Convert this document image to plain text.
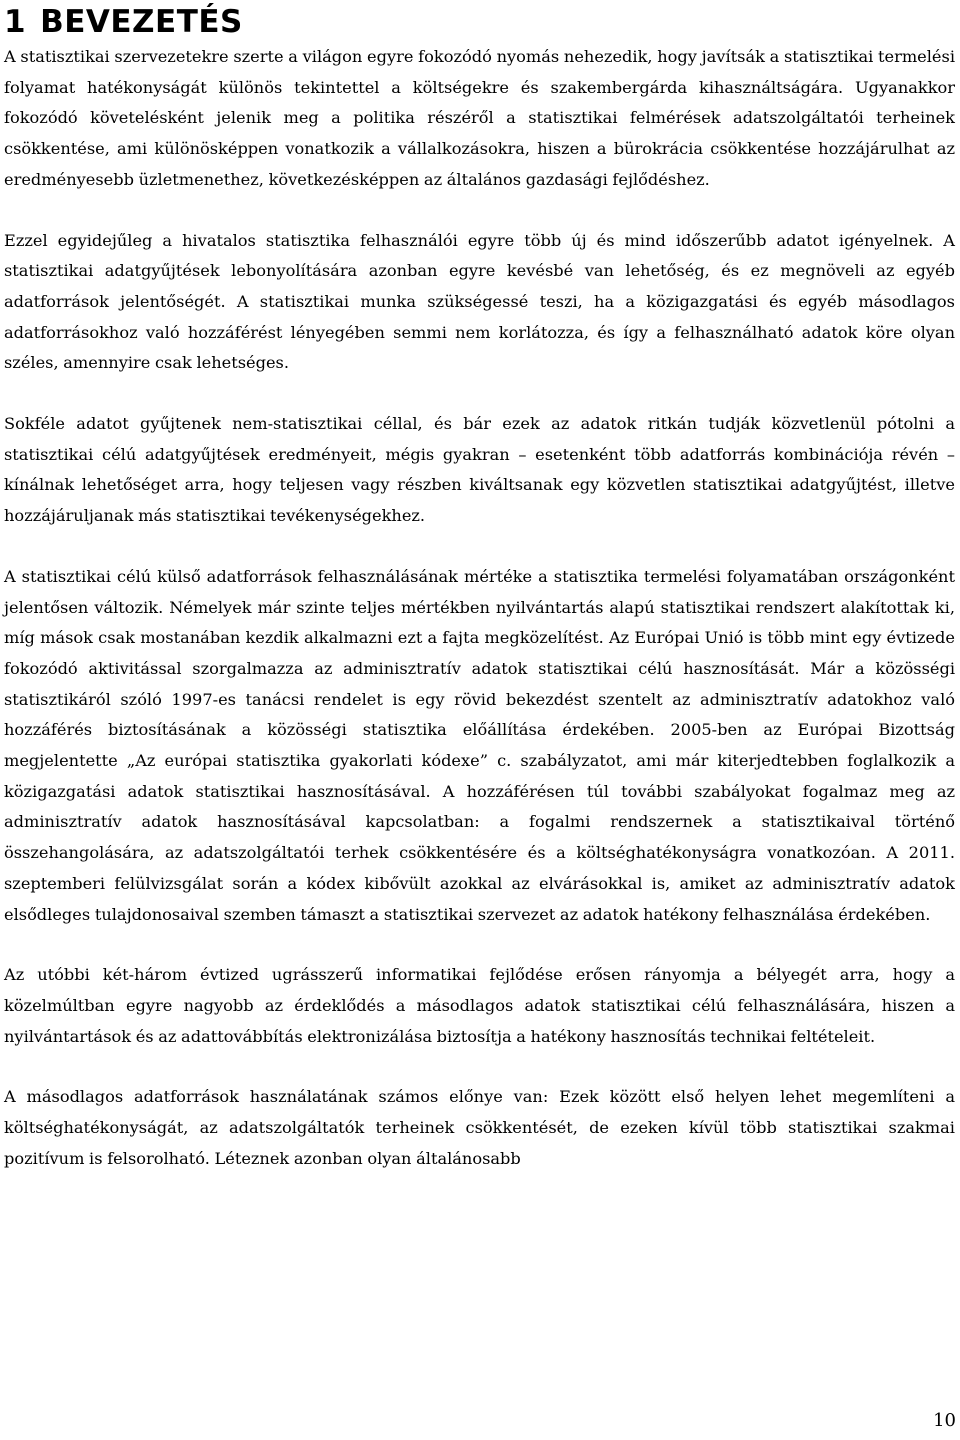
1 BEVEZETÉS

A statisztikai szervezetekre szerte a világon egyre fokozódó nyomás nehezedik, hogy javítsák a statisztikai termelési folyamat hatékonyságát különös tekintettel a költségekre és szakembergárda kihasználtságára. Ugyanakkor fokozódó követelésként jelenik meg a politika részéről a statisztikai felmérések adatszolgáltatói terheinek csökkentése, ami különösképpen vonatkozik a vállalkozásokra, hiszen a bürokrácia csökkentése hozzájárulhat az eredményesebb üzletmenethez, következésképpen az általános gazdasági fejlődéshez.

Ezzel egyidejűleg a hivatalos statisztika felhasználói egyre több új és mind időszerűbb adatot igényelnek. A statisztikai adatgyűjtések lebonyolítására azonban egyre kevésbé van lehetőség, és ez megnöveli az egyéb adatforrások jelentőségét. A statisztikai munka szükségessé teszi, ha a közigazgatási és egyéb másodlagos adatforrásokhoz való hozzáférést lényegében semmi nem korlátozza, és így a felhasználható adatok köre olyan széles, amennyire csak lehetséges.

Sokféle adatot gyűjtenek nem-statisztikai céllal, és bár ezek az adatok ritkán tudják közvetlenül pótolni a statisztikai célú adatgyűjtések eredményeit, mégis gyakran – esetenként több adatforrás kombinációja révén – kínálnak lehetőséget arra, hogy teljesen vagy részben kiváltsanak egy közvetlen statisztikai adatgyűjtést, illetve hozzájáruljanak más statisztikai tevékenységekhez.

A statisztikai célú külső adatforrások felhasználásának mértéke a statisztika termelési folyamatában országonként jelentősen változik. Némelyek már szinte teljes mértékben nyilvántartás alapú statisztikai rendszert alakítottak ki, míg mások csak mostanában kezdik alkalmazni ezt a fajta megközelítést. Az Európai Unió is több mint egy évtizede fokozódó aktivitással szorgalmazza az adminisztratív adatok statisztikai célú hasznosítását. Már a közösségi statisztikáról szóló 1997-es tanácsi rendelet is egy rövid bekezdést szentelt az adminisztratív adatokhoz való hozzáférés biztosításának a közösségi statisztika előállítása érdekében. 2005-ben az Európai Bizottság megjelentette „Az európai statisztika gyakorlati kódexe” c. szabályzatot, ami már kiterjedtebben foglalkozik a közigazgatási adatok statisztikai hasznosításával. A hozzáférésen túl további szabályokat fogalmaz meg az adminisztratív adatok hasznosításával kapcsolatban: a fogalmi rendszernek a statisztikaival történő összehangolására, az adatszolgáltatói terhek csökkentésére és a költséghatékonyságra vonatkozóan. A 2011. szeptemberi felülvizsgálat során a kódex kibővült azokkal az elvárásokkal is, amiket az adminisztratív adatok elsődleges tulajdonosaival szemben támaszt a statisztikai szervezet az adatok hatékony felhasználása érdekében.

Az utóbbi két-három évtized ugrásszerű informatikai fejlődése erősen rányomja a bélyegét arra, hogy a közelmúltban egyre nagyobb az érdeklődés a másodlagos adatok statisztikai célú felhasználására, hiszen a nyilvántartások és az adattovábbítás elektronizálása biztosítja a hatékony hasznosítás technikai feltételeit.

A másodlagos adatforrások használatának számos előnye van: Ezek között első helyen lehet megemlíteni a költséghatékonyságát, az adatszolgáltatók terheinek csökkentését, de ezeken kívül több statisztikai szakmai pozitívum is felsorolható. Léteznek azonban olyan általánosabb

10
